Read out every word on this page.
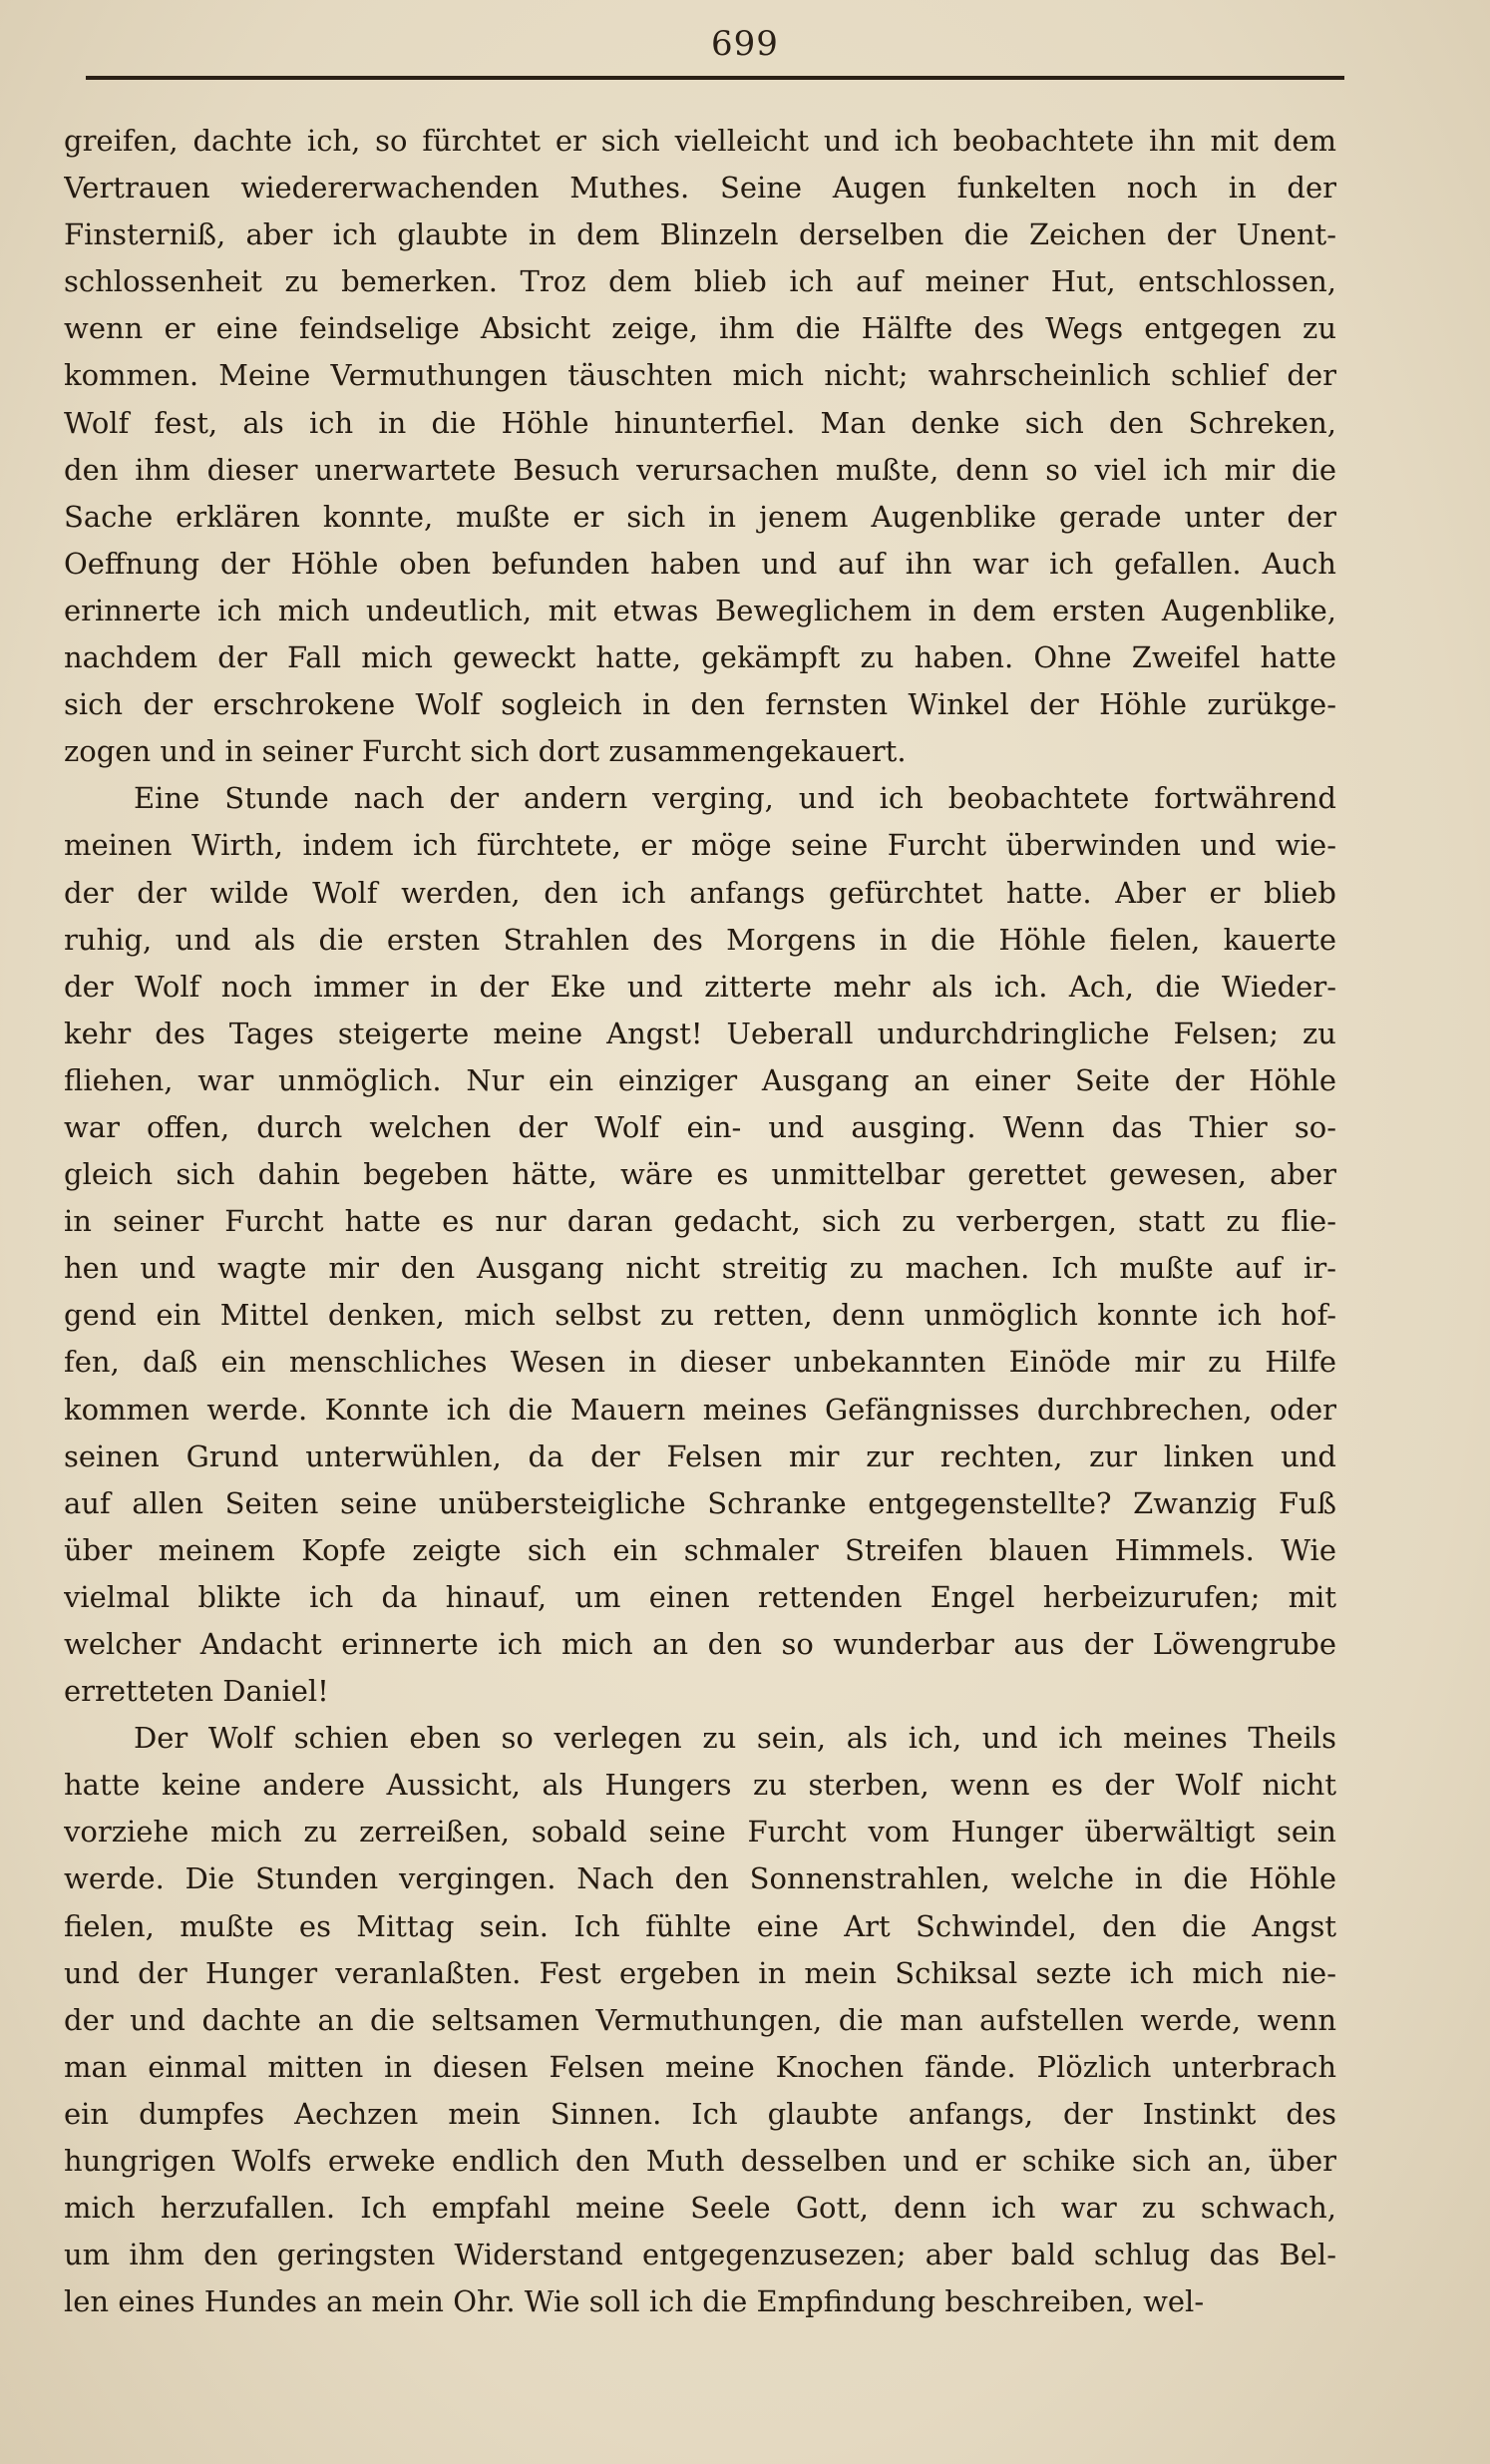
699
greifen, dachte ich, so fürchtet er sich vielleicht und ich beobachtete ihn mit dem
Vertrauen wiedererwachenden Muthes. Seine Augen funkelten noch in der
Finsterniß, aber ich glaubte in dem Blinzeln derselben die Zeichen der Unent-
schlossenheit zu bemerken. Troz dem blieb ich auf meiner Hut, entschlossen,
wenn er eine feindselige Absicht zeige, ihm die Hälfte des Wegs entgegen zu
kommen. Meine Vermuthungen täuschten mich nicht; wahrscheinlich schlief der
Wolf fest, als ich in die Höhle hinunterfiel. Man denke sich den Schreken,
den ihm dieser unerwartete Besuch verursachen mußte, denn so viel ich mir die
Sache erklären konnte, mußte er sich in jenem Augenblike gerade unter der
Oeffnung der Höhle oben befunden haben und auf ihn war ich gefallen. Auch
erinnerte ich mich undeutlich, mit etwas Beweglichem in dem ersten Augenblike,
nachdem der Fall mich geweckt hatte, gekämpft zu haben. Ohne Zweifel hatte
sich der erschrokene Wolf sogleich in den fernsten Winkel der Höhle zurükge-
zogen und in seiner Furcht sich dort zusammengekauert.
Eine Stunde nach der andern verging, und ich beobachtete fortwährend
meinen Wirth, indem ich fürchtete, er möge seine Furcht überwinden und wie-
der der wilde Wolf werden, den ich anfangs gefürchtet hatte. Aber er blieb
ruhig, und als die ersten Strahlen des Morgens in die Höhle fielen, kauerte
der Wolf noch immer in der Eke und zitterte mehr als ich. Ach, die Wieder-
kehr des Tages steigerte meine Angst! Ueberall undurchdringliche Felsen; zu
fliehen, war unmöglich. Nur ein einziger Ausgang an einer Seite der Höhle
war offen, durch welchen der Wolf ein- und ausging. Wenn das Thier so-
gleich sich dahin begeben hätte, wäre es unmittelbar gerettet gewesen, aber
in seiner Furcht hatte es nur daran gedacht, sich zu verbergen, statt zu flie-
hen und wagte mir den Ausgang nicht streitig zu machen. Ich mußte auf ir-
gend ein Mittel denken, mich selbst zu retten, denn unmöglich konnte ich hof-
fen, daß ein menschliches Wesen in dieser unbekannten Einöde mir zu Hilfe
kommen werde. Konnte ich die Mauern meines Gefängnisses durchbrechen, oder
seinen Grund unterwühlen, da der Felsen mir zur rechten, zur linken und
auf allen Seiten seine unübersteigliche Schranke entgegenstellte? Zwanzig Fuß
über meinem Kopfe zeigte sich ein schmaler Streifen blauen Himmels. Wie
vielmal blikte ich da hinauf, um einen rettenden Engel herbeizurufen; mit
welcher Andacht erinnerte ich mich an den so wunderbar aus der Löwengrube
erretteten Daniel!
Der Wolf schien eben so verlegen zu sein, als ich, und ich meines Theils
hatte keine andere Aussicht, als Hungers zu sterben, wenn es der Wolf nicht
vorziehe mich zu zerreißen, sobald seine Furcht vom Hunger überwältigt sein
werde. Die Stunden vergingen. Nach den Sonnenstrahlen, welche in die Höhle
fielen, mußte es Mittag sein. Ich fühlte eine Art Schwindel, den die Angst
und der Hunger veranlaßten. Fest ergeben in mein Schiksal sezte ich mich nie-
der und dachte an die seltsamen Vermuthungen, die man aufstellen werde, wenn
man einmal mitten in diesen Felsen meine Knochen fände. Plözlich unterbrach
ein dumpfes Aechzen mein Sinnen. Ich glaubte anfangs, der Instinkt des
hungrigen Wolfs erweke endlich den Muth desselben und er schike sich an, über
mich herzufallen. Ich empfahl meine Seele Gott, denn ich war zu schwach,
um ihm den geringsten Widerstand entgegenzusezen; aber bald schlug das Bel-
len eines Hundes an mein Ohr. Wie soll ich die Empfindung beschreiben, wel-
